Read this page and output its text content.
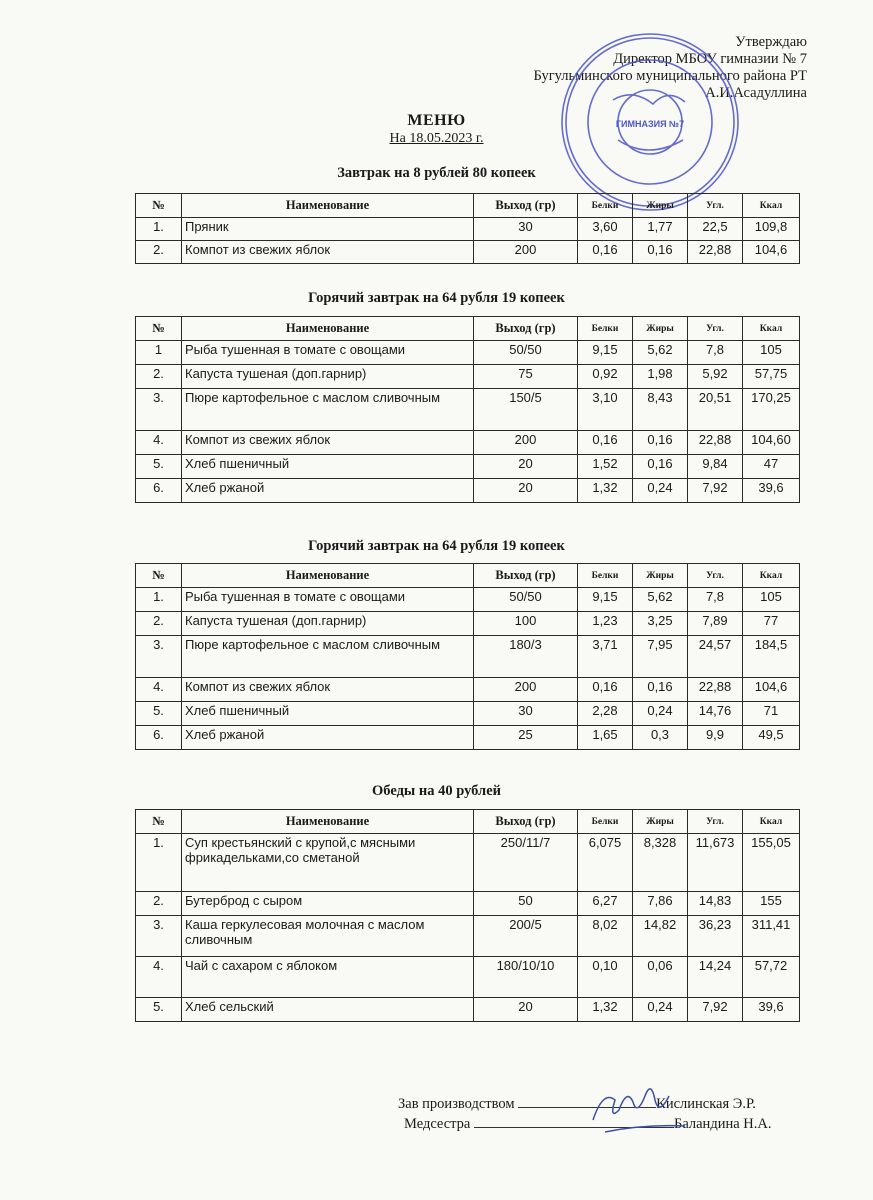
Утверждаю
Директор МБОУ гимназии № 7
Бугульминского муниципального района РТ
А.И.Асадуллина
ГИМНАЗИЯ №7
МЕНЮ
На 18.05.2023 г.
Завтрак на 8 рублей 80 копеек
Горячий завтрак на 64 рубля 19 копеек
Горячий завтрак на 64 рубля 19 копеек
Обеды на 40 рублей
№	Наименование	Выход (гр)	Белки	Жиры	Угл.	Ккал
1.	Пряник	30	3,60	1,77	22,5	109,8
2.	Компот из свежих яблок	200	0,16	0,16	22,88	104,6
№	Наименование	Выход (гр)	Белки	Жиры	Угл.	Ккал
1	Рыба тушенная в томате с овощами	50/50	9,15	5,62	7,8	105
2.	Капуста тушеная (доп.гарнир)	75	0,92	1,98	5,92	57,75
3.	Пюре картофельное с маслом сливочным	150/5	3,10	8,43	20,51	170,25
4.	Компот из свежих яблок	200	0,16	0,16	22,88	104,60
5.	Хлеб пшеничный	20	1,52	0,16	9,84	47
6.	Хлеб ржаной	20	1,32	0,24	7,92	39,6
№	Наименование	Выход (гр)	Белки	Жиры	Угл.	Ккал
1.	Рыба тушенная в томате с овощами	50/50	9,15	5,62	7,8	105
2.	Капуста тушеная (доп.гарнир)	100	1,23	3,25	7,89	77
3.	Пюре картофельное с маслом сливочным	180/3	3,71	7,95	24,57	184,5
4.	Компот из свежих яблок	200	0,16	0,16	22,88	104,6
5.	Хлеб пшеничный	30	2,28	0,24	14,76	71
6.	Хлеб ржаной	25	1,65	0,3	9,9	49,5
№	Наименование	Выход (гр)	Белки	Жиры	Угл.	Ккал
1.	Суп крестьянский с крупой,с мясными фрикадельками,со сметаной	250/11/7	6,075	8,328	11,673	155,05
2.	Бутерброд с сыром	50	6,27	7,86	14,83	155
3.	Каша геркулесовая молочная с маслом сливочным	200/5	8,02	14,82	36,23	311,41
4.	Чай с сахаром с яблоком	180/10/10	0,10	0,06	14,24	57,72
5.	Хлеб сельский	20	1,32	0,24	7,92	39,6
Зав производством	Кислинская Э.Р.
Медсестра	Баландина Н.А.
